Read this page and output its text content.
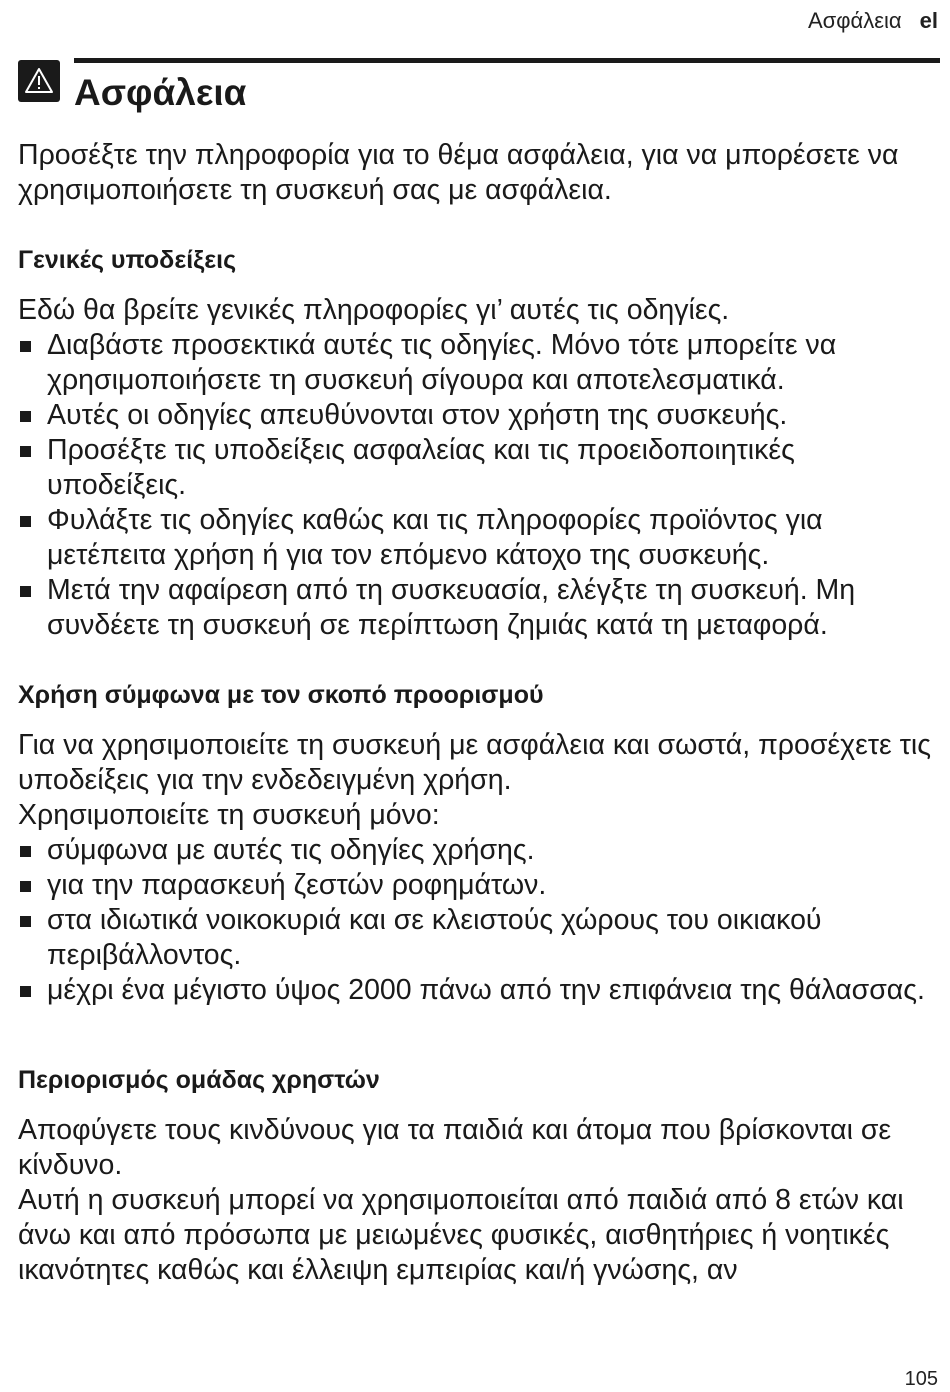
Ασφάλεια el
Ασφάλεια

Προσέξτε την πληροφορία για το θέμα ασφάλεια, για να μπορέσετε να χρησιμοποιήσετε τη συσκευή σας με ασφάλεια.

Γενικές υποδείξεις

Εδώ θα βρείτε γενικές πληροφορίες γι’ αυτές τις οδηγίες.

Διαβάστε προσεκτικά αυτές τις οδηγίες. Μόνο τότε μπορείτε να χρησιμοποιήσετε τη συσκευή σίγουρα και αποτελεσματικά.
Αυτές οι οδηγίες απευθύνονται στον χρήστη της συσκευής.
Προσέξτε τις υποδείξεις ασφαλείας και τις προειδοποιητικές υποδείξεις.
Φυλάξτε τις οδηγίες καθώς και τις πληροφορίες προϊόντος για μετέπειτα χρήση ή για τον επόμενο κάτοχο της συσκευής.
Μετά την αφαίρεση από τη συσκευασία, ελέγξτε τη συσκευή. Μη συνδέετε τη συσκευή σε περίπτωση ζημιάς κατά τη μεταφορά.
Χρήση σύμφωνα με τον σκοπό προορισμού

Για να χρησιμοποιείτε τη συσκευή με ασφάλεια και σωστά, προσέχετε τις υποδείξεις για την ενδεδειγμένη χρήση.

Χρησιμοποιείτε τη συσκευή μόνο:

σύμφωνα με αυτές τις οδηγίες χρήσης.
για την παρασκευή ζεστών ροφημάτων.
στα ιδιωτικά νοικοκυριά και σε κλειστούς χώρους του οικιακού περιβάλλοντος.
μέχρι ένα μέγιστο ύψος 2000 πάνω από την επιφάνεια της θάλασσας.
Περιορισμός ομάδας χρηστών

Αποφύγετε τους κινδύνους για τα παιδιά και άτομα που βρίσκονται σε κίνδυνο.

Αυτή η συσκευή μπορεί να χρησιμοποιείται από παιδιά από 8 ετών και άνω και από πρόσωπα με μειωμένες φυσικές, αισθητήριες ή νοητικές ικανότητες καθώς και έλλειψη εμπειρίας και/ή γνώσης, αν

105
